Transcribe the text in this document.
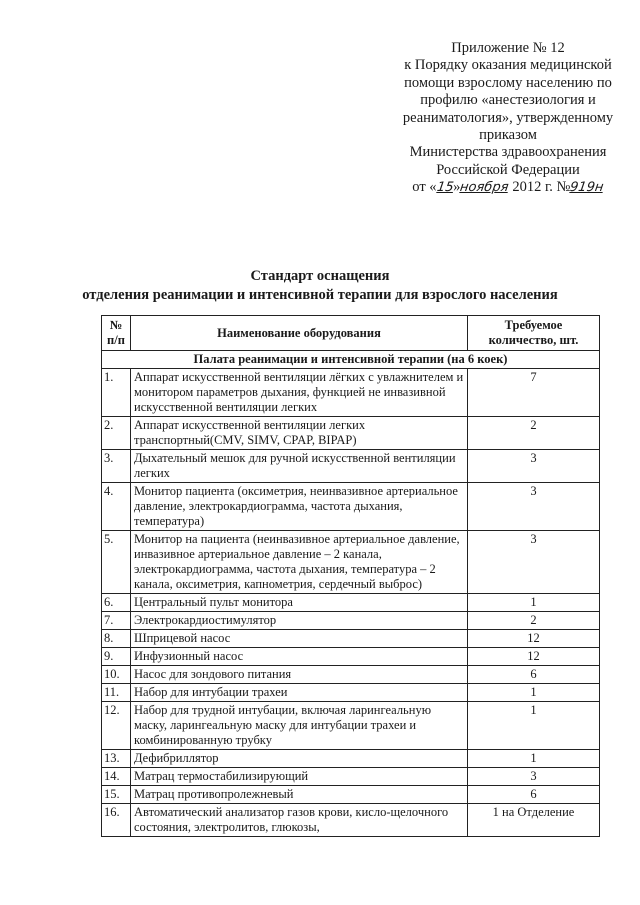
Приложение № 12
к Порядку оказания медицинской
помощи взрослому населению по
профилю «анестезиология и
реаниматология», утвержденному
приказом
Министерства здравоохранения
Российской Федерации
от «15»ноября 2012 г. №919н
Стандарт оснащения
отделения реанимации и интенсивной терапии для взрослого населения
№ п/п	Наименование оборудования	Требуемое количество, шт.
Палата реанимации и интенсивной терапии (на 6 коек)		
1.	Аппарат искусственной вентиляции лёгких с увлажнителем и монитором параметров дыхания, функцией не инвазивной искусственной вентиляции легких	7
2.	Аппарат искусственной вентиляции легких транспортный(CMV, SIMV, CPAP, BIPAP)	2
3.	Дыхательный мешок для ручной искусственной вентиляции легких	3
4.	Монитор пациента (оксиметрия, неинвазивное артериальное давление, электрокардиограмма, частота дыхания, температура)	3
5.	Монитор на пациента (неинвазивное артериальное давление, инвазивное артериальное давление – 2 канала, электрокардиограмма, частота дыхания, температура – 2 канала, оксиметрия, капнометрия, сердечный выброс)	3
6.	Центральный пульт монитора	1
7.	Электрокардиостимулятор	2
8.	Шприцевой насос	12
9.	Инфузионный насос	12
10.	Насос для зондового питания	6
11.	Набор для интубации трахеи	1
12.	Набор для трудной интубации, включая ларингеальную маску, ларингеальную маску для интубации трахеи и комбинированную трубку	1
13.	Дефибриллятор	1
14.	Матрац термостабилизирующий	3
15.	Матрац противопролежневый	6
16.	Автоматический анализатор газов крови, кисло-щелочного состояния, электролитов, глюкозы,	1 на Отделение
